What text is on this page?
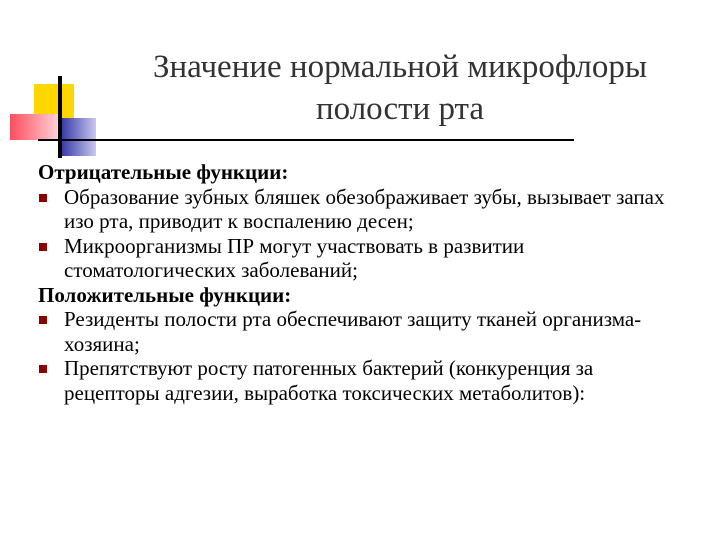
Значение нормальной микрофлоры
полости рта
Отрицательные функции:
Образование зубных бляшек обезображивает зубы, вызывает запах изо рта, приводит к воспалению десен;
Микроорганизмы ПР могут участвовать в развитии стоматологических заболеваний;
Положительные функции:
Резиденты полости рта обеспечивают защиту тканей организма-хозяина;
Препятствуют росту патогенных бактерий (конкуренция за рецепторы адгезии, выработка токсических метаболитов):
